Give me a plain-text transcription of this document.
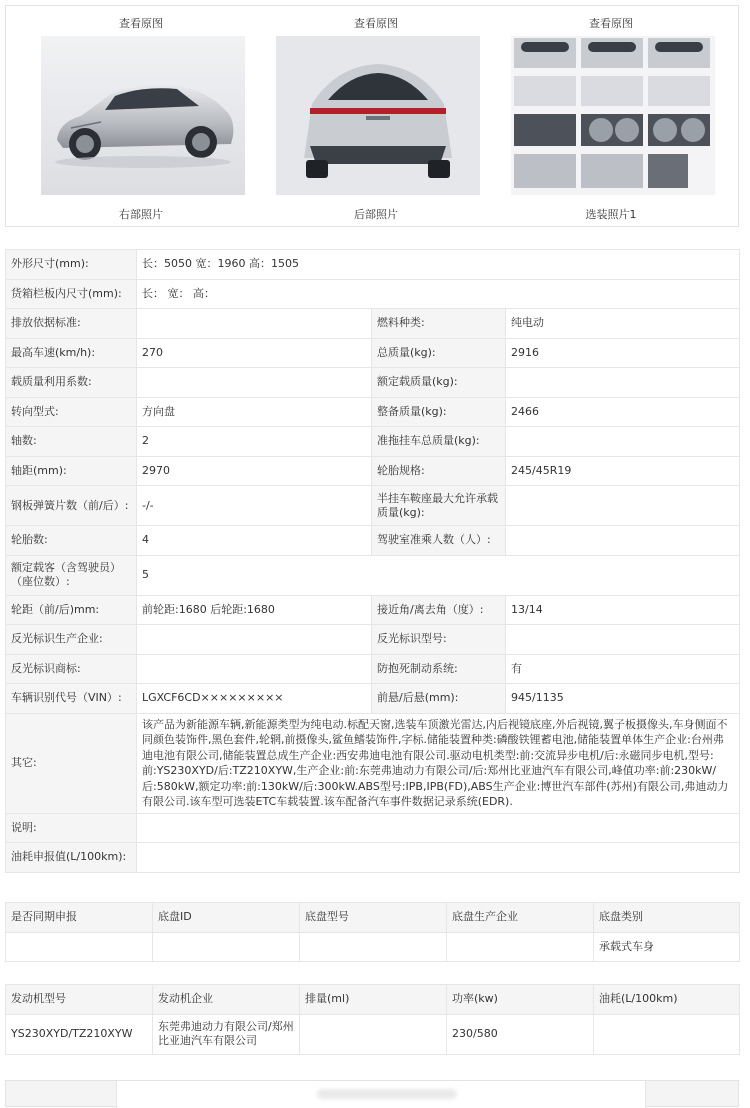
查看原图
右部照片
查看原图
后部照片
查看原图
选装照片1
外形尺寸(mm):	长：5050 宽：1960 高：1505		
货箱栏板内尺寸(mm):	长： 宽： 高：		
排放依据标准:		燃料种类:	纯电动
最高车速(km/h):	270	总质量(kg):	2916
载质量利用系数:		额定载质量(kg):	
转向型式:	方向盘	整备质量(kg):	2466
轴数:	2	准拖挂车总质量(kg):	
轴距(mm):	2970	轮胎规格:	245/45R19
钢板弹簧片数（前/后）:	-/-	半挂车鞍座最大允许承载质量(kg):	
轮胎数:	4	驾驶室准乘人数（人）:	
额定载客（含驾驶员）（座位数）:	5		
轮距（前/后)mm:	前轮距:1680 后轮距:1680	接近角/离去角（度）:	13/14
反光标识生产企业:		反光标识型号:	
反光标识商标:		防抱死制动系统:	有
车辆识别代号（VIN）:	LGXCF6CD×××××××××	前悬/后悬(mm):	945/1135
其它:	该产品为新能源车辆,新能源类型为纯电动.标配天窗,选装车顶激光雷达,内后视镜底座,外后视镜,翼子板摄像头,车身侧面不同颜色装饰件,黑色套件,轮辋,前摄像头,鲨鱼鳍装饰件,字标.储能装置种类:磷酸铁锂蓄电池,储能装置单体生产企业:台州弗迪电池有限公司,储能装置总成生产企业:西安弗迪电池有限公司.驱动电机类型:前:交流异步电机/后:永磁同步电机,型号:前:YS230XYD/后:TZ210XYW,生产企业:前:东莞弗迪动力有限公司/后:郑州比亚迪汽车有限公司,峰值功率:前:230kW/后:580kW,额定功率:前:130kW/后:300kW.ABS型号:IPB,IPB(FD),ABS生产企业:博世汽车部件(苏州)有限公司,弗迪动力有限公司.该车型可选装ETC车载装置.该车配备汽车事件数据记录系统(EDR).		
说明:			
油耗申报值(L/100km):			
是否同期申报	底盘ID	底盘型号	底盘生产企业	底盘类别
				承载式车身
发动机型号	发动机企业	排量(ml)	功率(kw)	油耗(L/100km)
YS230XYD/TZ210XYW	东莞弗迪动力有限公司/郑州比亚迪汽车有限公司		230/580	
